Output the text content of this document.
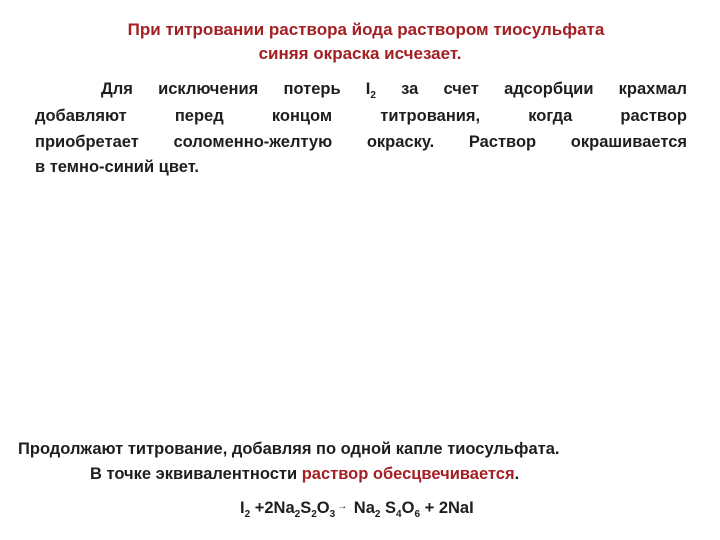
При титровании раствора йода раствором тиосульфата
синяя окраска исчезает.
Для исключения потерь $I_2$ за счет адсорбции крахмал
добавляют перед концом титрования, когда раствор
приобретает соломенно-желтую окраску. Раствор окрашивается
в темно-синий цвет.
Продолжают титрование, добавляя по одной капле тиосульфата.
В точке эквивалентности раствор обесцвечивается.
$I_2 +2Na_2S_2O_3^\to$ $Na_2$ $S_4O_6 + 2NaI$
